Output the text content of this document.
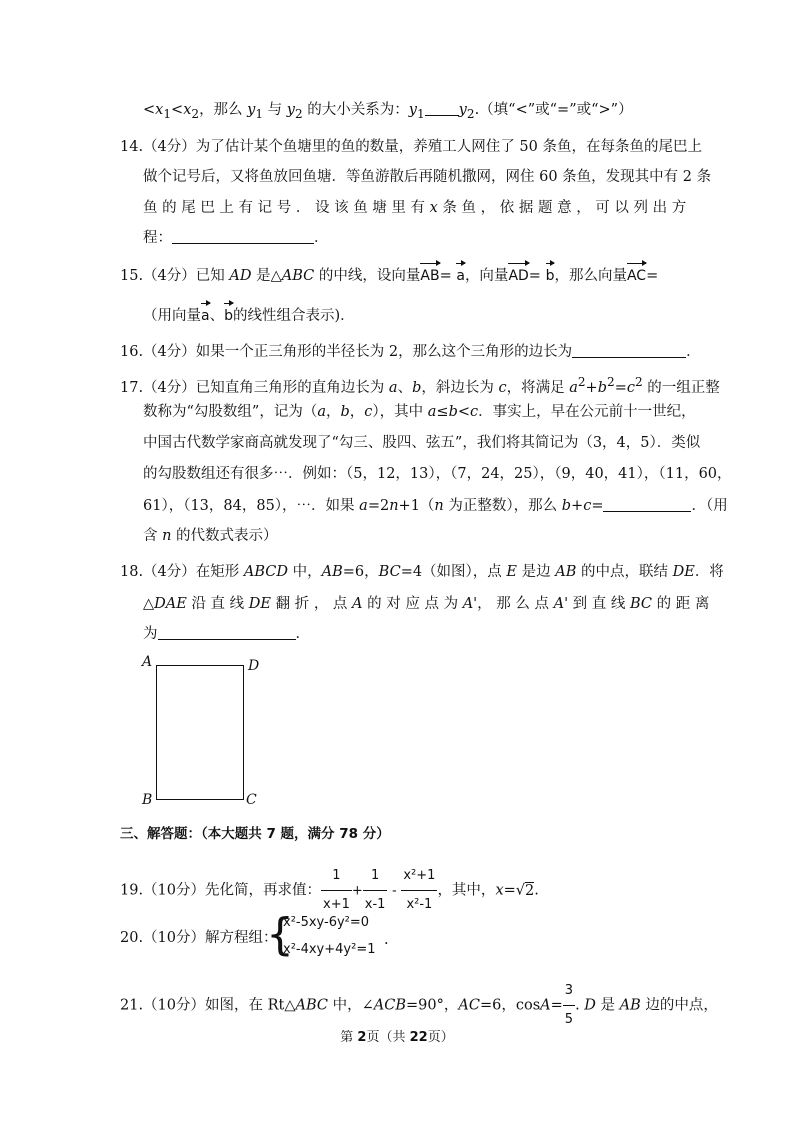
$<x_1<x_2$，那么 $y_1$ 与 $y_2$ 的大小关系为：$y_1$ $y_2$.（填“<”或“=”或“>”）
14.（4分）为了估计某个鱼塘里的鱼的数量，养殖工人网住了 50 条鱼，在每条鱼的尾巴上
做个记号后，又将鱼放回鱼塘．等鱼游散后再随机撒网，网住 60 条鱼，发现其中有 2 条
鱼 的 尾 巴 上 有 记 号 ． 设 该 鱼 塘 里 有 x 条 鱼 ， 依 据 题 意 ， 可 以 列 出 方
程：	．
15.（4分）已知 AD 是△ABC 的中线，设向量AB= a，向量AD= b，那么向量AC=
（用向量a、b的线性组合表示)．
16.（4分）如果一个正三角形的半径长为 2，那么这个三角形的边长为	．
17.（4分）已知直角三角形的直角边长为 a、b，斜边长为 c，将满足 $a^2+b^2=c^2$ 的一组正整
数称为“勾股数组”，记为（a，b，c），其中 a≤b<c．事实上，早在公元前十一世纪，
中国古代数学家商高就发现了“勾三、股四、弦五”，我们将其简记为（3，4，5）．类似
的勾股数组还有很多⋯．例如：（5，12，13），（7，24，25），（9，40，41），（11，60，
61），（13，84，85），⋯．如果 a=2n+1（n 为正整数），那么 b+c=	．（用
含 n 的代数式表示）
18.（4分）在矩形 ABCD 中，AB=6，BC=4（如图），点 E 是边 AB 的中点，联结 DE．将
△DAE 沿 直 线 DE 翻 折 ， 点 A 的 对 应 点 为 A'， 那 么 点 A' 到 直 线 BC 的 距 离
为	．
A	D
B	C
三、解答题：（本大题共 7 题，满分 78 分）
19.（10分）先化简，再求值： $\frac{1}{x+1} + \frac{1}{x-1} - \frac{\text{x²+1}}{\text{x²-1}}$ ，其中，x=√2.
20.（10分）解方程组：
{
x²-5xy-6y²=0
x²-4xy+4y²=1
.
21.（10分）如图，在 Rt△ABC 中，∠ACB=90°，AC=6，$\cos A= \frac{3}{5}$ . D 是 AB 边的中点，
第 2页（共 22页）
